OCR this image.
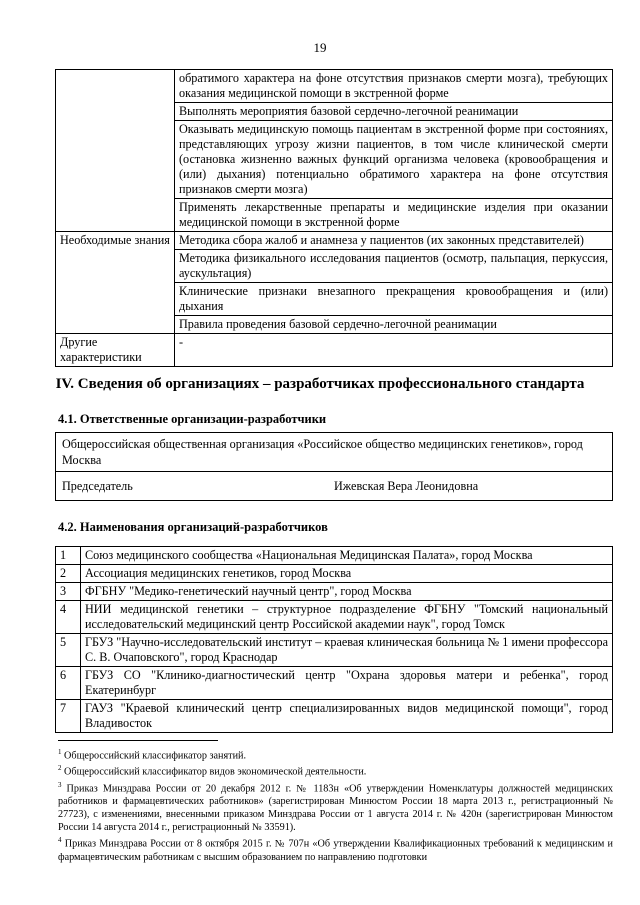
19
	обратимого характера на фоне отсутствия признаков смерти мозга), требующих оказания медицинской помощи в экстренной форме
	Выполнять мероприятия базовой сердечно-легочной реанимации
	Оказывать медицинскую помощь пациентам в экстренной форме при состояниях, представляющих угрозу жизни пациентов, в том числе клинической смерти (остановка жизненно важных функций организма человека (кровообращения и (или) дыхания) потенциально обратимого характера на фоне отсутствия признаков смерти мозга)
	Применять лекарственные препараты и медицинские изделия при оказании медицинской помощи в экстренной форме
Необходимые знания	Методика сбора жалоб и анамнеза у пациентов (их законных представителей)
	Методика физикального исследования пациентов (осмотр, пальпация, перкуссия, аускультация)
	Клинические признаки внезапного прекращения кровообращения и (или) дыхания
	Правила проведения базовой сердечно-легочной реанимации
Другие характеристики	-
IV. Сведения об организациях – разработчиках профессионального стандарта
4.1. Ответственные организации-разработчики
Общероссийская общественная организация «Российское общество медицинских генетиков», город Москва
Председатель	Ижевская Вера Леонидовна
4.2. Наименования организаций-разработчиков
1	Союз медицинского сообщества «Национальная Медицинская Палата», город Москва
2	Ассоциация медицинских генетиков, город Москва
3	ФГБНУ "Медико-генетический научный центр", город Москва
4	НИИ медицинской генетики – структурное подразделение ФГБНУ "Томский национальный исследовательский медицинский центр Российской академии наук", город Томск
5	ГБУЗ "Научно-исследовательский институт – краевая клиническая больница № 1 имени профессора С. В. Очаповского", город Краснодар
6	ГБУЗ СО "Клинико-диагностический центр "Охрана здоровья матери и ребенка", город Екатеринбург
7	ГАУЗ "Краевой клинический центр специализированных видов медицинской помощи", город Владивосток

$^1$ Общероссийский классификатор занятий.

$^2$ Общероссийский классификатор видов экономической деятельности.

$^3$ Приказ Минздрава России от 20 декабря 2012 г. № 1183н «Об утверждении Номенклатуры должностей медицинских работников и фармацевтических работников» (зарегистрирован Минюстом России 18 марта 2013 г., регистрационный № 27723), с изменениями, внесенными приказом Минздрава России от 1 августа 2014 г. № 420н (зарегистрирован Минюстом России 14 августа 2014 г., регистрационный № 33591).

$^4$ Приказ Минздрава России от 8 октября 2015 г. № 707н «Об утверждении Квалификационных требований к медицинским и фармацевтическим работникам с высшим образованием по направлению подготовки
